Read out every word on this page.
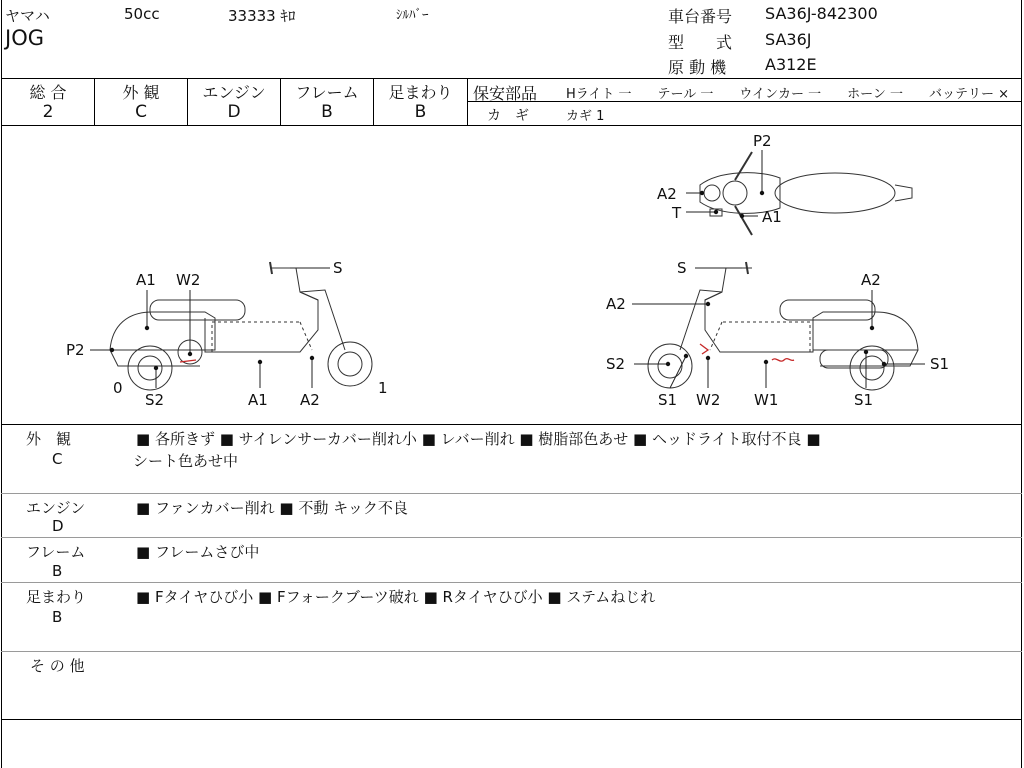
ヤマハ	50cc	33333 ｷﾛ	ｼﾙﾊﾞｰ
JOG
車台番号 SA36J-842300
型　　式 SA36J
原 動 機 A312E
総 合
2
外 観
C
エンジン
D
フレーム
B
足まわり
B
保安部品 Hライト 一　　テール 一　　ウインカー 一　　ホーン 一　　バッテリー ×
カ　ギ	カギ 1
A1 W2
S
P2
0
S2	A1 A2
1
S
A2
A2
S2
S1 W2 W1	S1
S1
P2
A2
T	A1
外　観
C
■ 各所きず ■ サイレンサーカバー削れ小 ■ レバー削れ ■ 樹脂部色あせ ■ ヘッドライト取付不良 ■
シート色あせ中
エンジン
D
■ ファンカバー削れ ■ 不動 キック不良
フレーム
B
■ フレームさび中
足まわり
B
■ Fタイヤひび小 ■ Fフォークブーツ破れ ■ Rタイヤひび小 ■ ステムねじれ
そ の 他
